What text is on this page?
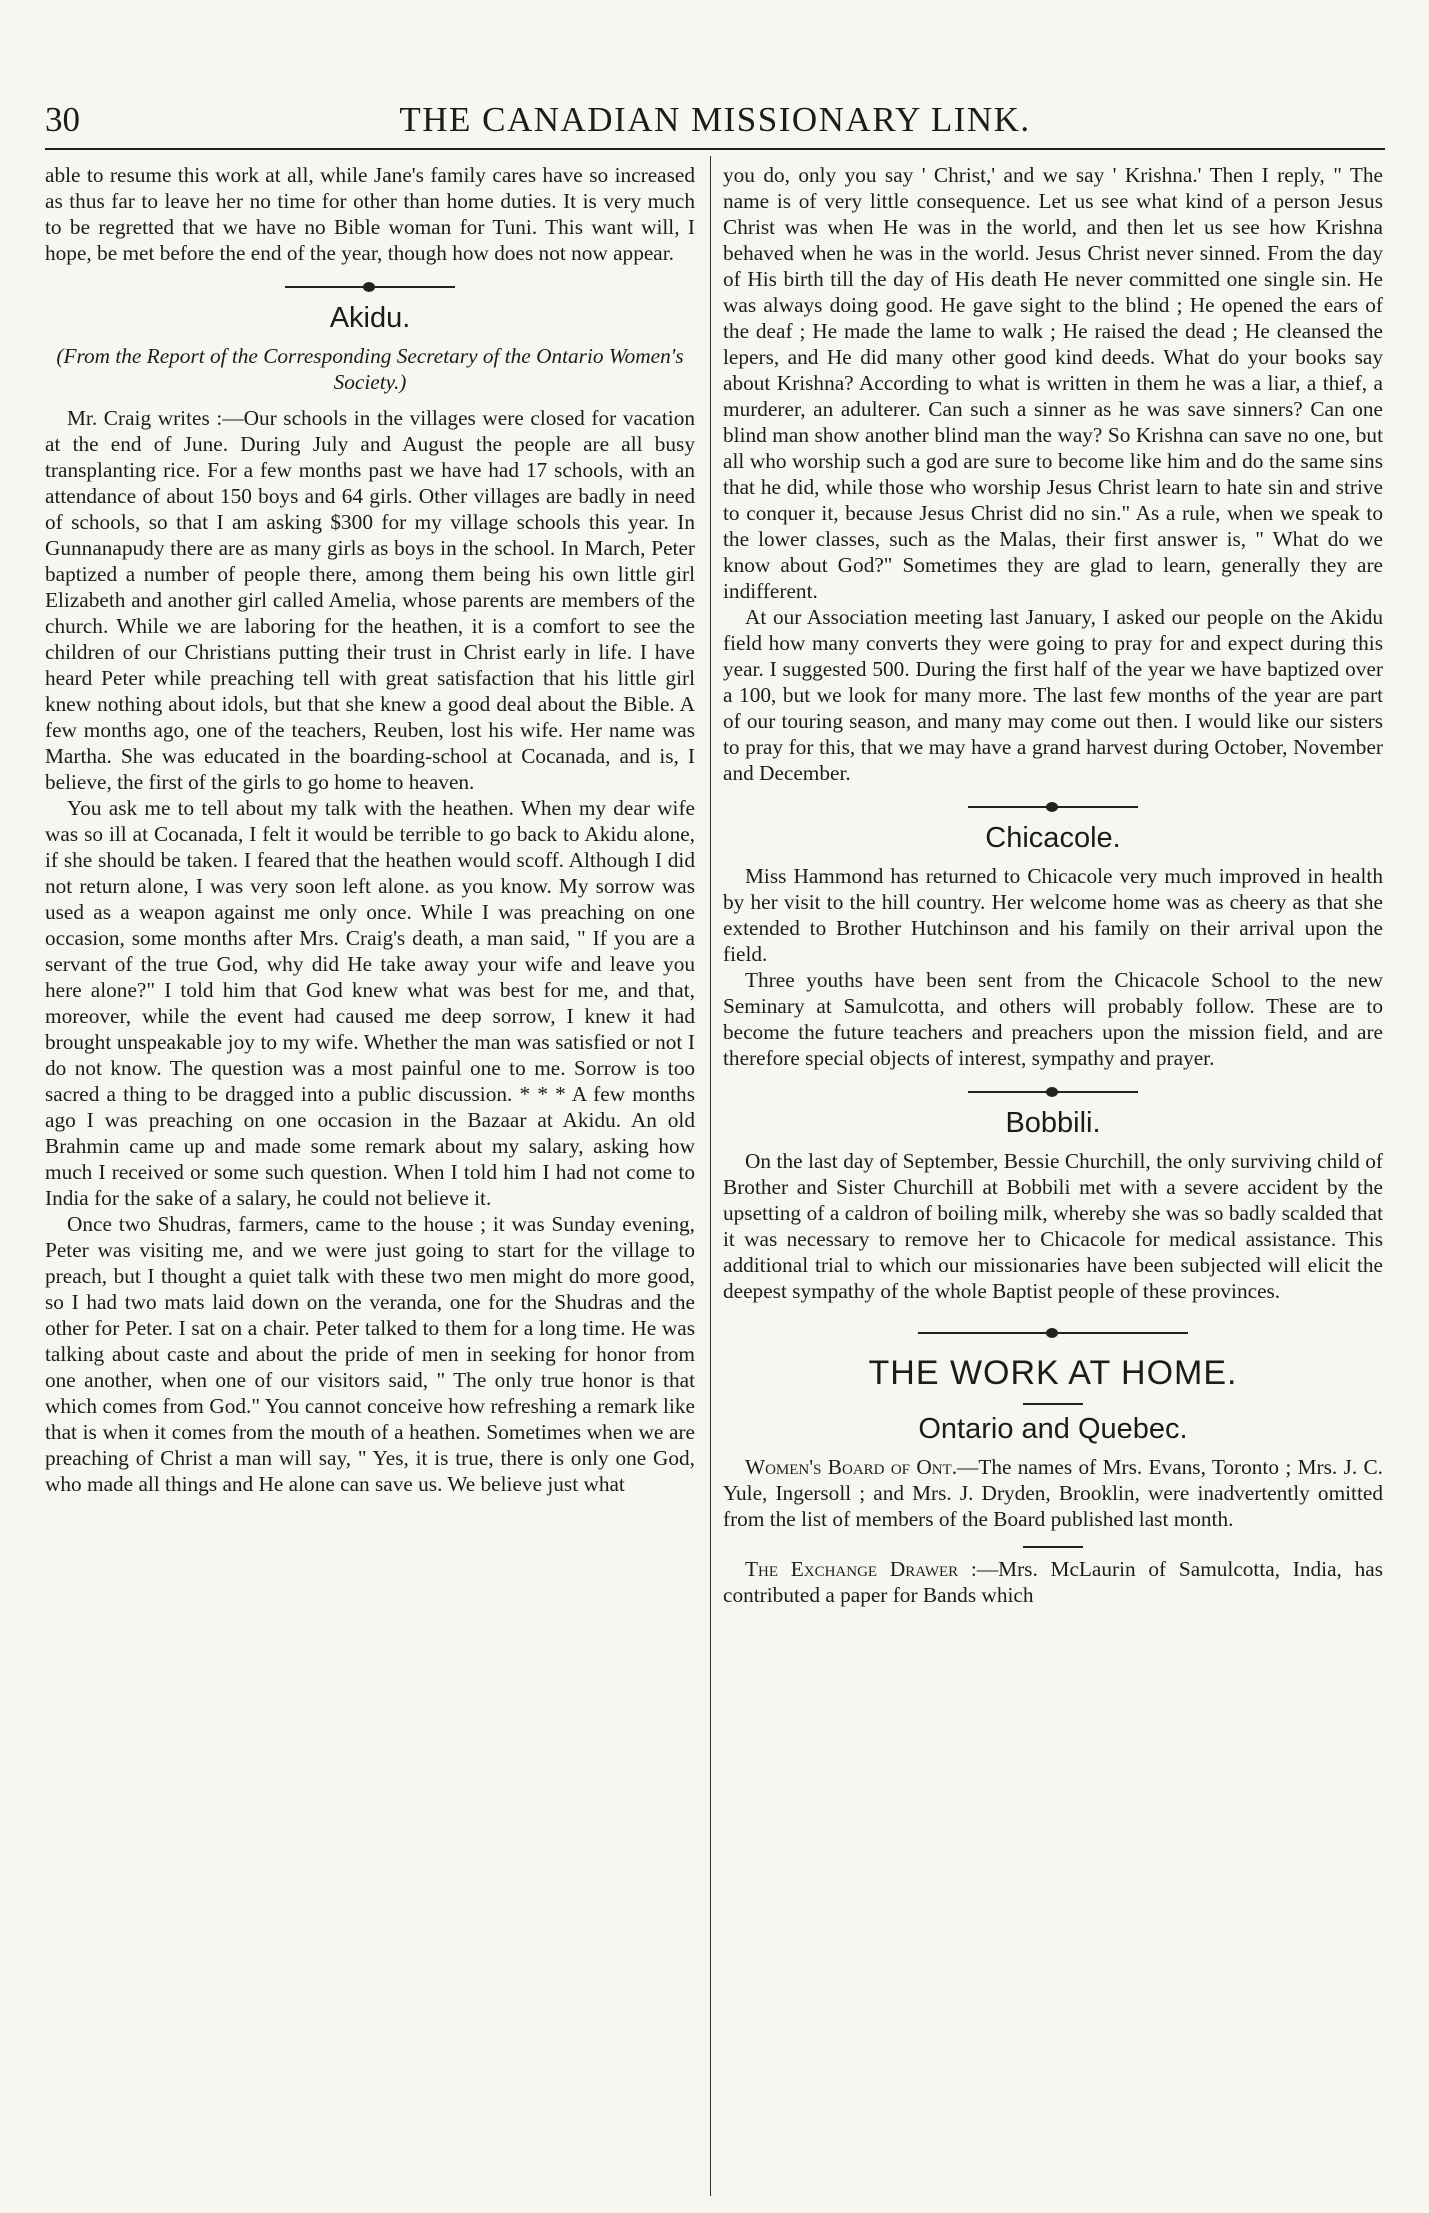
30	THE CANADIAN MISSIONARY LINK.

able to resume this work at all, while Jane's family cares have so increased as thus far to leave her no time for other than home duties. It is very much to be regretted that we have no Bible woman for Tuni. This want will, I hope, be met before the end of the year, though how does not now appear.

Akidu.

(From the Report of the Corresponding Secretary of the Ontario Women's Society.)

Mr. Craig writes :—Our schools in the villages were closed for vacation at the end of June. During July and August the people are all busy transplanting rice. For a few months past we have had 17 schools, with an attendance of about 150 boys and 64 girls. Other villages are badly in need of schools, so that I am asking $300 for my village schools this year. In Gunnanapudy there are as many girls as boys in the school. In March, Peter baptized a number of people there, among them being his own little girl Elizabeth and another girl called Amelia, whose parents are members of the church. While we are laboring for the heathen, it is a comfort to see the children of our Christians putting their trust in Christ early in life. I have heard Peter while preaching tell with great satisfaction that his little girl knew nothing about idols, but that she knew a good deal about the Bible. A few months ago, one of the teachers, Reuben, lost his wife. Her name was Martha. She was educated in the boarding-school at Cocanada, and is, I believe, the first of the girls to go home to heaven.

You ask me to tell about my talk with the heathen. When my dear wife was so ill at Cocanada, I felt it would be terrible to go back to Akidu alone, if she should be taken. I feared that the heathen would scoff. Although I did not return alone, I was very soon left alone. as you know. My sorrow was used as a weapon against me only once. While I was preaching on one occasion, some months after Mrs. Craig's death, a man said, " If you are a servant of the true God, why did He take away your wife and leave you here alone?" I told him that God knew what was best for me, and that, moreover, while the event had caused me deep sorrow, I knew it had brought unspeakable joy to my wife. Whether the man was satisfied or not I do not know. The question was a most painful one to me. Sorrow is too sacred a thing to be dragged into a public discussion. * * * A few months ago I was preaching on one occasion in the Bazaar at Akidu. An old Brahmin came up and made some remark about my salary, asking how much I received or some such question. When I told him I had not come to India for the sake of a salary, he could not believe it.

Once two Shudras, farmers, came to the house ; it was Sunday evening, Peter was visiting me, and we were just going to start for the village to preach, but I thought a quiet talk with these two men might do more good, so I had two mats laid down on the veranda, one for the Shudras and the other for Peter. I sat on a chair. Peter talked to them for a long time. He was talking about caste and about the pride of men in seeking for honor from one another, when one of our visitors said, " The only true honor is that which comes from God." You cannot conceive how refreshing a remark like that is when it comes from the mouth of a heathen. Sometimes when we are preaching of Christ a man will say, " Yes, it is true, there is only one God, who made all things and He alone can save us. We believe just what

you do, only you say ' Christ,' and we say ' Krishna.' Then I reply, " The name is of very little consequence. Let us see what kind of a person Jesus Christ was when He was in the world, and then let us see how Krishna behaved when he was in the world. Jesus Christ never sinned. From the day of His birth till the day of His death He never committed one single sin. He was always doing good. He gave sight to the blind ; He opened the ears of the deaf ; He made the lame to walk ; He raised the dead ; He cleansed the lepers, and He did many other good kind deeds. What do your books say about Krishna? According to what is written in them he was a liar, a thief, a murderer, an adulterer. Can such a sinner as he was save sinners? Can one blind man show another blind man the way? So Krishna can save no one, but all who worship such a god are sure to become like him and do the same sins that he did, while those who worship Jesus Christ learn to hate sin and strive to conquer it, because Jesus Christ did no sin." As a rule, when we speak to the lower classes, such as the Malas, their first answer is, " What do we know about God?" Sometimes they are glad to learn, generally they are indifferent.

At our Association meeting last January, I asked our people on the Akidu field how many converts they were going to pray for and expect during this year. I suggested 500. During the first half of the year we have baptized over a 100, but we look for many more. The last few months of the year are part of our touring season, and many may come out then. I would like our sisters to pray for this, that we may have a grand harvest during October, November and December.

Chicacole.

Miss Hammond has returned to Chicacole very much improved in health by her visit to the hill country. Her welcome home was as cheery as that she extended to Brother Hutchinson and his family on their arrival upon the field.

Three youths have been sent from the Chicacole School to the new Seminary at Samulcotta, and others will probably follow. These are to become the future teachers and preachers upon the mission field, and are therefore special objects of interest, sympathy and prayer.

Bobbili.

On the last day of September, Bessie Churchill, the only surviving child of Brother and Sister Churchill at Bobbili met with a severe accident by the upsetting of a caldron of boiling milk, whereby she was so badly scalded that it was necessary to remove her to Chicacole for medical assistance. This additional trial to which our missionaries have been subjected will elicit the deepest sympathy of the whole Baptist people of these provinces.

THE WORK AT HOME.
Ontario and Quebec.

Women's Board of Ont.—The names of Mrs. Evans, Toronto ; Mrs. J. C. Yule, Ingersoll ; and Mrs. J. Dryden, Brooklin, were inadvertently omitted from the list of members of the Board published last month.

The Exchange Drawer :—Mrs. McLaurin of Samulcotta, India, has contributed a paper for Bands which
